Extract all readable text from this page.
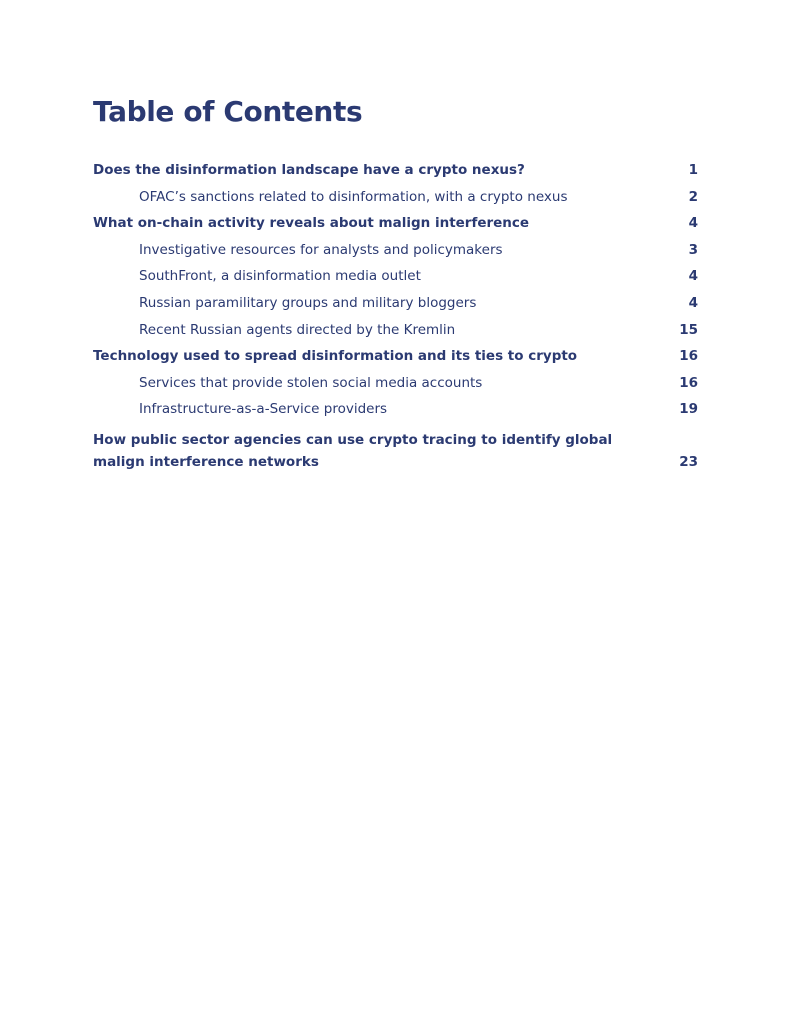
Table of Contents
Does the disinformation landscape have a crypto nexus?	1
OFAC’s sanctions related to disinformation, with a crypto nexus	2
What on-chain activity reveals about malign interference	4
Investigative resources for analysts and policymakers	3
SouthFront, a disinformation media outlet	4
Russian paramilitary groups and military bloggers	4
Recent Russian agents directed by the Kremlin	15
Technology used to spread disinformation and its ties to crypto	16
Services that provide stolen social media accounts	16
Infrastructure-as-a-Service providers	19
How public sector agencies can use crypto tracing to identify global malign interference networks	23
